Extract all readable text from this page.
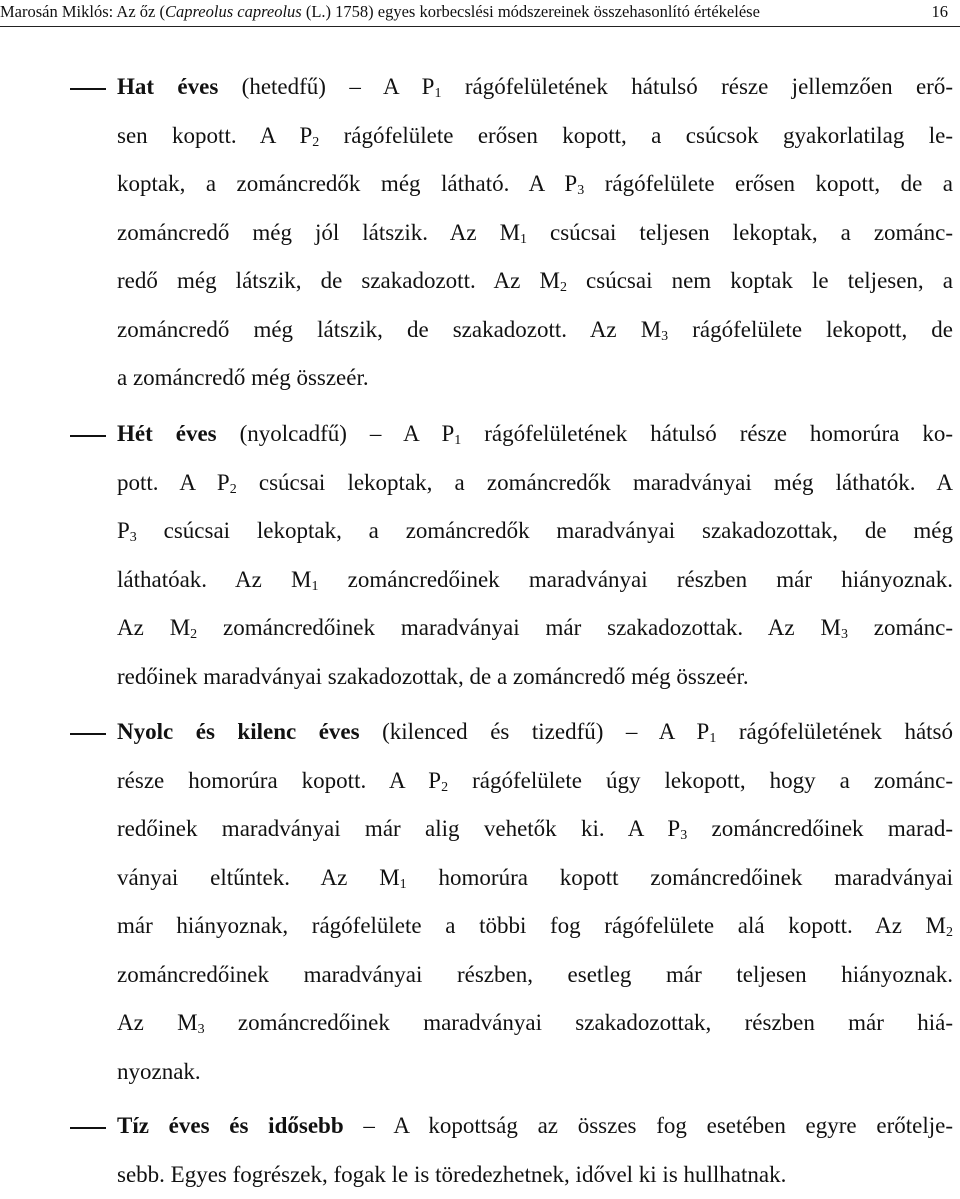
Marosán Miklós: Az őz (Capreolus capreolus (L.) 1758) egyes korbecslési módszereinek összehasonlító értékelése	16
Hat éves (hetedfű) – A $P_1$ rágófelületének hátulsó része jellemzően erő-
sen kopott. A $P_2$ rágófelülete erősen kopott, a csúcsok gyakorlatilag le-
koptak, a zománcredők még látható. A $P_3$ rágófelülete erősen kopott, de a
zománcredő még jól látszik. Az $M_1$ csúcsai teljesen lekoptak, a zománc-
redő még látszik, de szakadozott. Az $M_2$ csúcsai nem koptak le teljesen, a
zománcredő még látszik, de szakadozott. Az $M_3$ rágófelülete lekopott, de
a zománcredő még összeér.
Hét éves (nyolcadfű) – A $P_1$ rágófelületének hátulsó része homorúra ko-
pott. A $P_2$ csúcsai lekoptak, a zománcredők maradványai még láthatók. A
$P_3$ csúcsai lekoptak, a zománcredők maradványai szakadozottak, de még
láthatóak. Az $M_1$ zománcredőinek maradványai részben már hiányoznak.
Az $M_2$ zománcredőinek maradványai már szakadozottak. Az $M_3$ zománc-
redőinek maradványai szakadozottak, de a zománcredő még összeér.
Nyolc és kilenc éves (kilenced és tizedfű) – A $P_1$ rágófelületének hátsó
része homorúra kopott. A $P_2$ rágófelülete úgy lekopott, hogy a zománc-
redőinek maradványai már alig vehetők ki. A $P_3$ zománcredőinek marad-
ványai eltűntek. Az $M_1$ homorúra kopott zománcredőinek maradványai
már hiányoznak, rágófelülete a többi fog rágófelülete alá kopott. Az $M_2$
zománcredőinek maradványai részben, esetleg már teljesen hiányoznak.
Az $M_3$ zománcredőinek maradványai szakadozottak, részben már hiá-
nyoznak.
Tíz éves és idősebb – A kopottság az összes fog esetében egyre erőtelje-
sebb. Egyes fogrészek, fogak le is töredezhetnek, idővel ki is hullhatnak.
